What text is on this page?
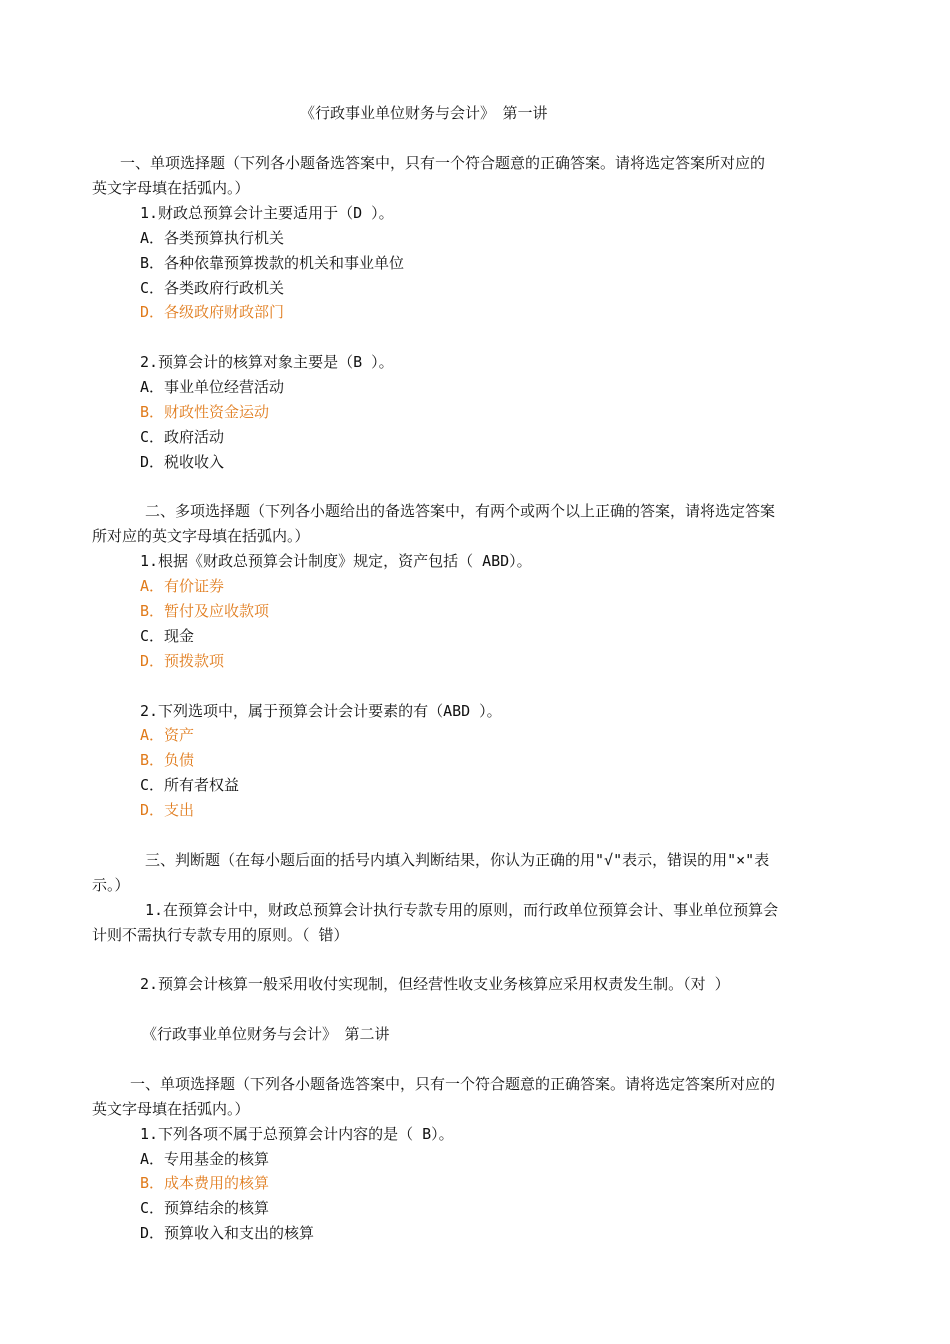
《行政事业单位财务与会计》　第一讲
一、单项选择题（下列各小题备选答案中，只有一个符合题意的正确答案。请将选定答案所对应的
英文字母填在括弧内。）
1.财政总预算会计主要适用于（D ）。
A．各类预算执行机关
B．各种依靠预算拨款的机关和事业单位
C．各类政府行政机关
D．各级政府财政部门
2.预算会计的核算对象主要是（B ）。
A．事业单位经营活动
B．财政性资金运动
C．政府活动
D．税收收入
二、多项选择题（下列各小题给出的备选答案中，有两个或两个以上正确的答案，请将选定答案
所对应的英文字母填在括弧内。）
1.根据《财政总预算会计制度》规定，资产包括（ ABD）。
A．有价证券
B．暂付及应收款项
C．现金
D．预拨款项
2.下列选项中，属于预算会计会计要素的有（ABD ）。
A．资产
B．负债
C．所有者权益
D．支出
三、判断题（在每小题后面的括号内填入判断结果，你认为正确的用"√"表示，错误的用"×"表
示。）
1.在预算会计中，财政总预算会计执行专款专用的原则，而行政单位预算会计、事业单位预算会
计则不需执行专款专用的原则。（ 错）
2.预算会计核算一般采用收付实现制，但经营性收支业务核算应采用权责发生制。（对 ）
《行政事业单位财务与会计》　第二讲
一、单项选择题（下列各小题备选答案中，只有一个符合题意的正确答案。请将选定答案所对应的
英文字母填在括弧内。）
1.下列各项不属于总预算会计内容的是（ B）。
A．专用基金的核算
B．成本费用的核算
C．预算结余的核算
D．预算收入和支出的核算
